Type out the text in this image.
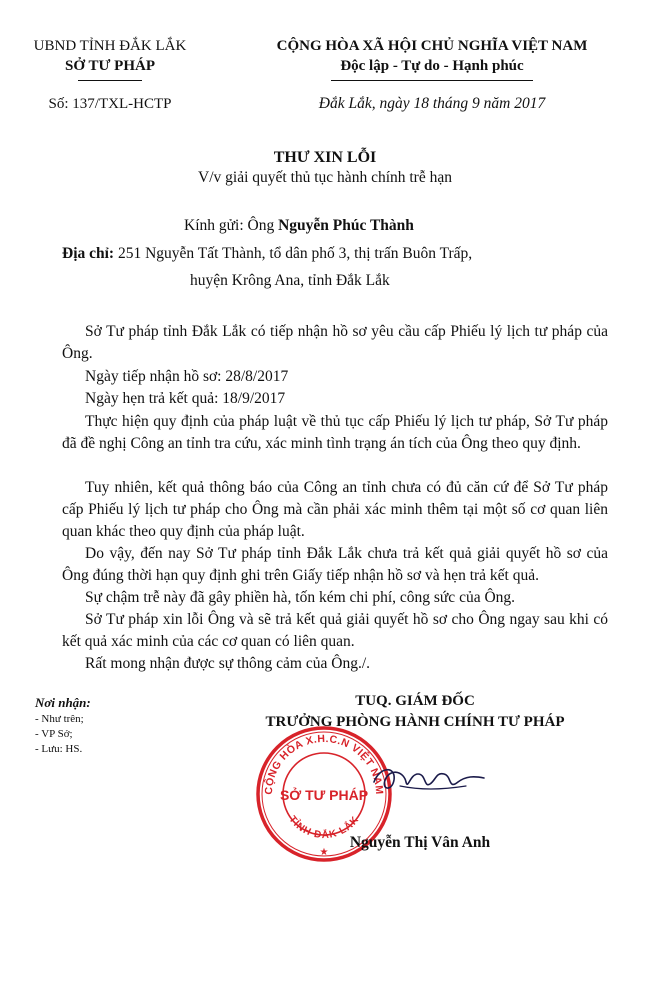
UBND TỈNH ĐẮK LẮK
SỞ TƯ PHÁP
Số: 137/TXL-HCTP
CỘNG HÒA XÃ HỘI CHỦ NGHĨA VIỆT NAM
Độc lập - Tự do - Hạnh phúc
Đắk Lắk, ngày 18 tháng 9 năm 2017
THƯ XIN LỖI
V/v giải quyết thủ tục hành chính trễ hạn
Kính gửi: Ông Nguyễn Phúc Thành
Địa chỉ: 251 Nguyễn Tất Thành, tổ dân phố 3, thị trấn Buôn Trấp,
huyện Krông Ana, tỉnh Đắk Lắk
Sở Tư pháp tỉnh Đắk Lắk có tiếp nhận hồ sơ yêu cầu cấp Phiếu lý lịch tư pháp của Ông.
Ngày tiếp nhận hồ sơ: 28/8/2017
Ngày hẹn trả kết quả: 18/9/2017
Thực hiện quy định của pháp luật về thủ tục cấp Phiếu lý lịch tư pháp, Sở Tư pháp đã đề nghị Công an tỉnh tra cứu, xác minh tình trạng án tích của Ông theo quy định.
Tuy nhiên, kết quả thông báo của Công an tỉnh chưa có đủ căn cứ để Sở Tư pháp cấp Phiếu lý lịch tư pháp cho Ông mà cần phải xác minh thêm tại một số cơ quan liên quan khác theo quy định của pháp luật.
Do vậy, đến nay Sở Tư pháp tỉnh Đắk Lắk chưa trả kết quả giải quyết hồ sơ của Ông đúng thời hạn quy định ghi trên Giấy tiếp nhận hồ sơ và hẹn trả kết quả.
Sự chậm trễ này đã gây phiền hà, tốn kém chi phí, công sức của Ông.
Sở Tư pháp xin lỗi Ông và sẽ trả kết quả giải quyết hồ sơ cho Ông ngay sau khi có kết quả xác minh của các cơ quan có liên quan.
Rất mong nhận được sự thông cảm của Ông./.
Nơi nhận:
- Như trên;
- VP Sở;
- Lưu: HS.
TUQ. GIÁM ĐỐC
TRƯỞNG PHÒNG HÀNH CHÍNH TƯ PHÁP
CỘNG HÒA X.H.C.N VIỆT NAM
SỞ TƯ PHÁP
TỈNH ĐẮK LẮK
★
Nguyễn Thị Vân Anh
